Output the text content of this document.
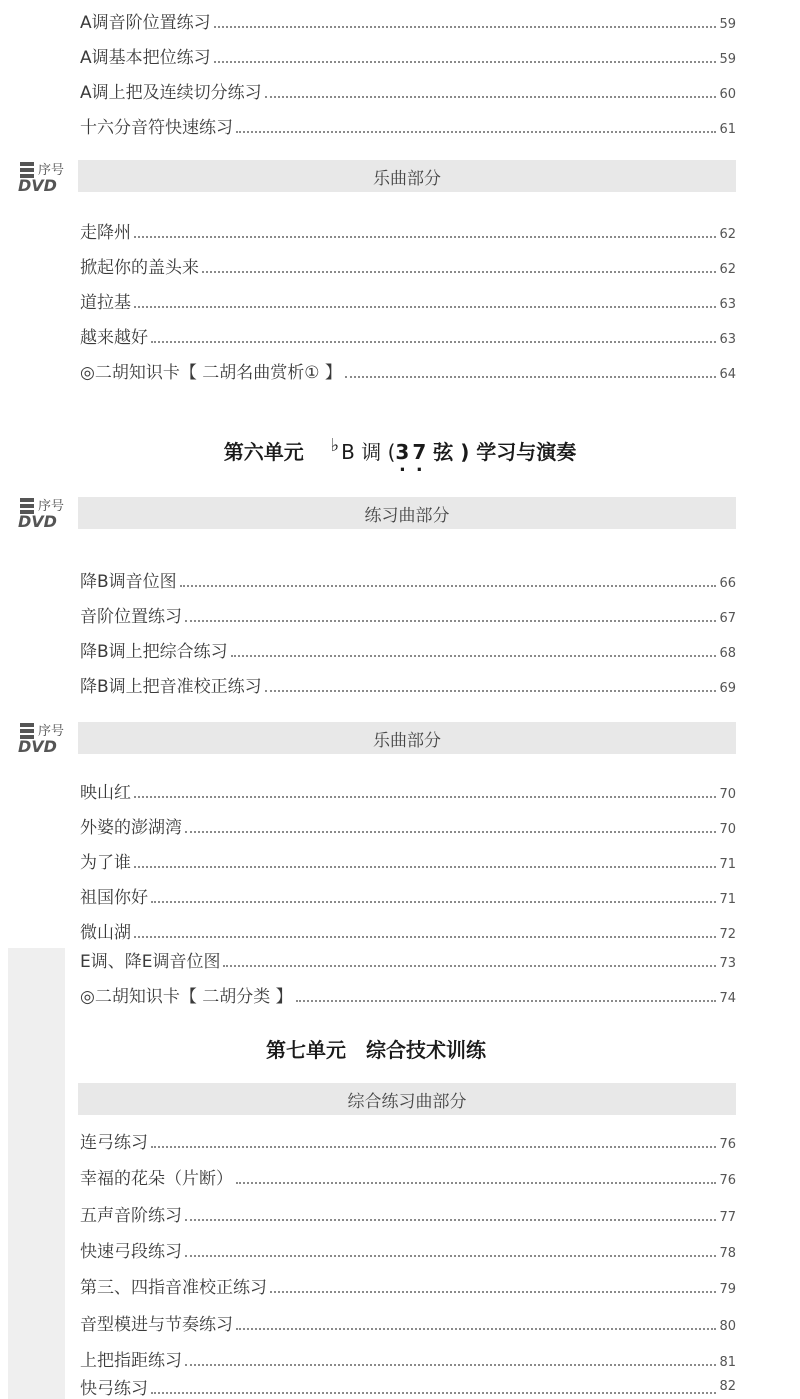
A调音阶位置练习	59
A调基本把位练习	59
A调上把及连续切分练习	60
十六分音符快速练习	61
序号
DVD	乐曲部分
走降州	62
掀起你的盖头来	62
道拉基	63
越来越好	63
◎二胡知识卡【 二胡名曲赏析① 】	64
第六单元 ♭ B 调 (3 . 7 . 弦 ) 学习与演奏
序号
DVD	练习曲部分
降B调音位图	66
音阶位置练习	67
降B调上把综合练习	68
降B调上把音准校正练习	69
序号
DVD	乐曲部分
映山红	70
外婆的澎湖湾	70
为了谁	71
祖国你好	71
微山湖	72
E调、降E调音位图	73
◎二胡知识卡【 二胡分类 】	74
第七单元　综合技术训练
综合练习曲部分
连弓练习	76
幸福的花朵（片断）	76
五声音阶练习	77
快速弓段练习	78
第三、四指音准校正练习	79
音型模进与节奏练习	80
上把指距练习	81
快弓练习	82
